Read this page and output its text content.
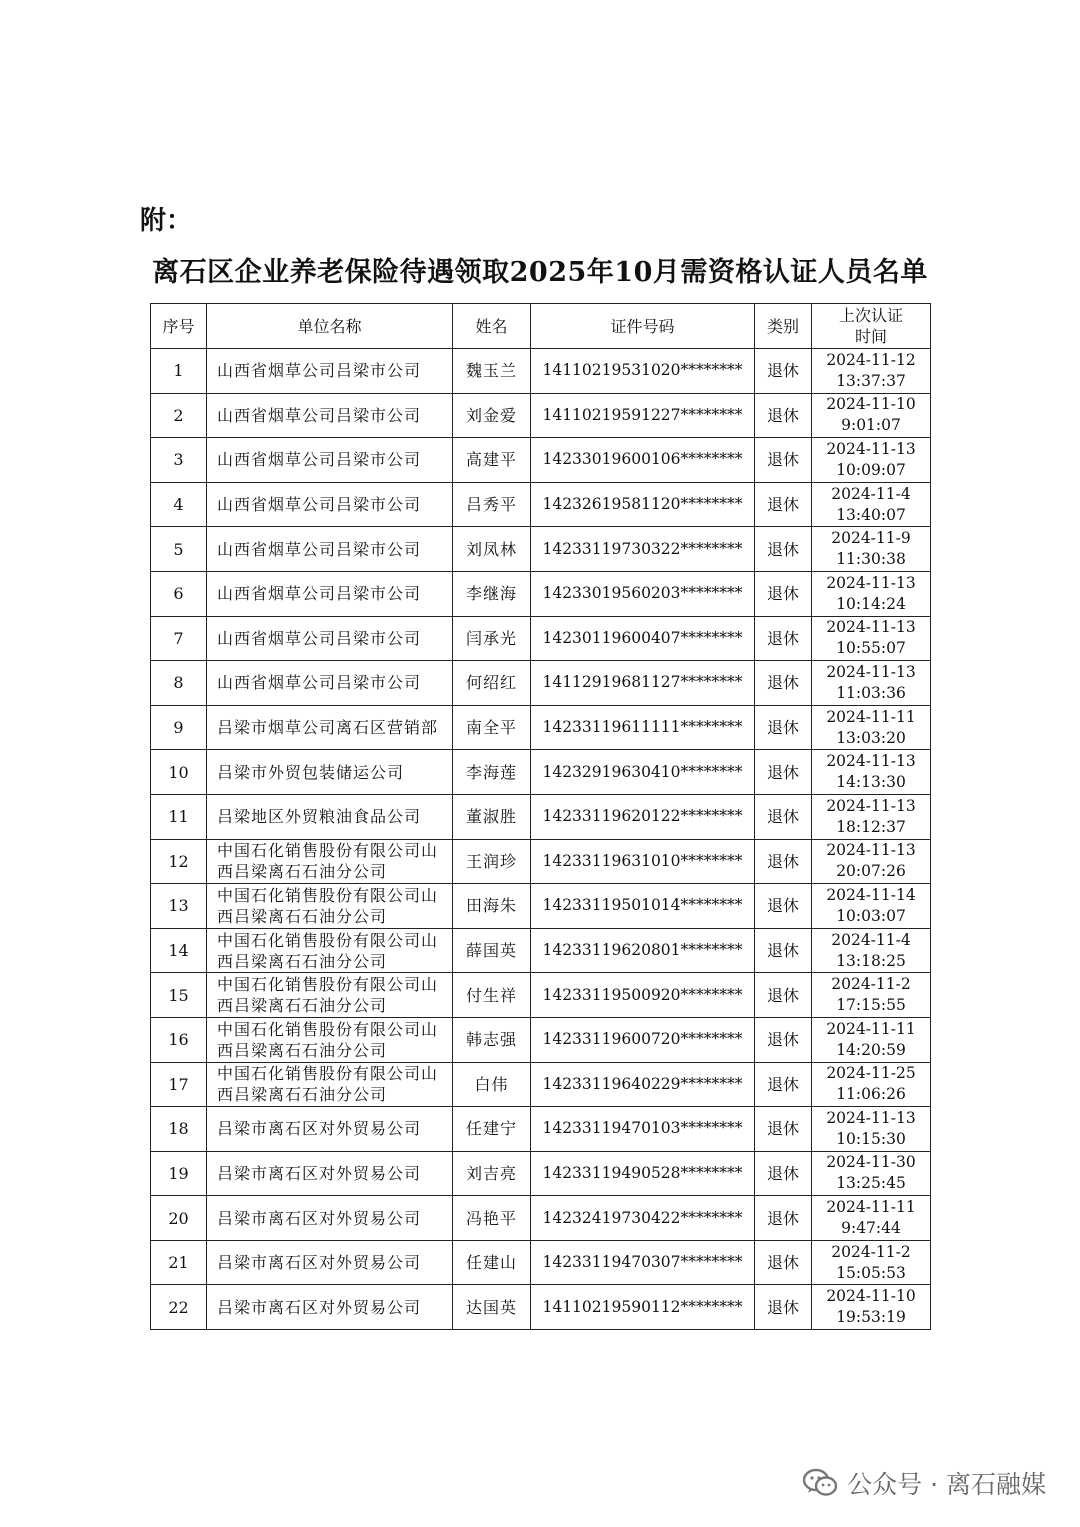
附：
离石区企业养老保险待遇领取2025年10月需资格认证人员名单
序号	单位名称	姓名	证件号码	类别	上次认证
时间

1	山西省烟草公司吕梁市公司	魏玉兰	14110219531020********	退休	2024-11-12
13:37:37

2	山西省烟草公司吕梁市公司	刘金爱	14110219591227********	退休	2024-11-10
9:01:07

3	山西省烟草公司吕梁市公司	高建平	14233019600106********	退休	2024-11-13
10:09:07

4	山西省烟草公司吕梁市公司	吕秀平	14232619581120********	退休	2024-11-4
13:40:07

5	山西省烟草公司吕梁市公司	刘凤林	14233119730322********	退休	2024-11-9
11:30:38

6	山西省烟草公司吕梁市公司	李继海	14233019560203********	退休	2024-11-13
10:14:24

7	山西省烟草公司吕梁市公司	闫承光	14230119600407********	退休	2024-11-13
10:55:07

8	山西省烟草公司吕梁市公司	何绍红	14112919681127********	退休	2024-11-13
11:03:36

9	吕梁市烟草公司离石区营销部	南全平	14233119611111********	退休	2024-11-11
13:03:20

10	吕梁市外贸包装储运公司	李海莲	14232919630410********	退休	2024-11-13
14:13:30

11	吕梁地区外贸粮油食品公司	董淑胜	14233119620122********	退休	2024-11-13
18:12:37

12	中国石化销售股份有限公司山西吕梁离石石油分公司	王润珍	14233119631010********	退休	2024-11-13
20:07:26

13	中国石化销售股份有限公司山西吕梁离石石油分公司	田海朱	14233119501014********	退休	2024-11-14
10:03:07

14	中国石化销售股份有限公司山西吕梁离石石油分公司	薛国英	14233119620801********	退休	2024-11-4
13:18:25

15	中国石化销售股份有限公司山西吕梁离石石油分公司	付生祥	14233119500920********	退休	2024-11-2
17:15:55

16	中国石化销售股份有限公司山西吕梁离石石油分公司	韩志强	14233119600720********	退休	2024-11-11
14:20:59

17	中国石化销售股份有限公司山西吕梁离石石油分公司	白伟	14233119640229********	退休	2024-11-25
11:06:26

18	吕梁市离石区对外贸易公司	任建宁	14233119470103********	退休	2024-11-13
10:15:30

19	吕梁市离石区对外贸易公司	刘吉亮	14233119490528********	退休	2024-11-30
13:25:45

20	吕梁市离石区对外贸易公司	冯艳平	14232419730422********	退休	2024-11-11
9:47:44

21	吕梁市离石区对外贸易公司	任建山	14233119470307********	退休	2024-11-2
15:05:53

22	吕梁市离石区对外贸易公司	达国英	14110219590112********	退休	2024-11-10
19:53:19
公众号 · 离石融媒
